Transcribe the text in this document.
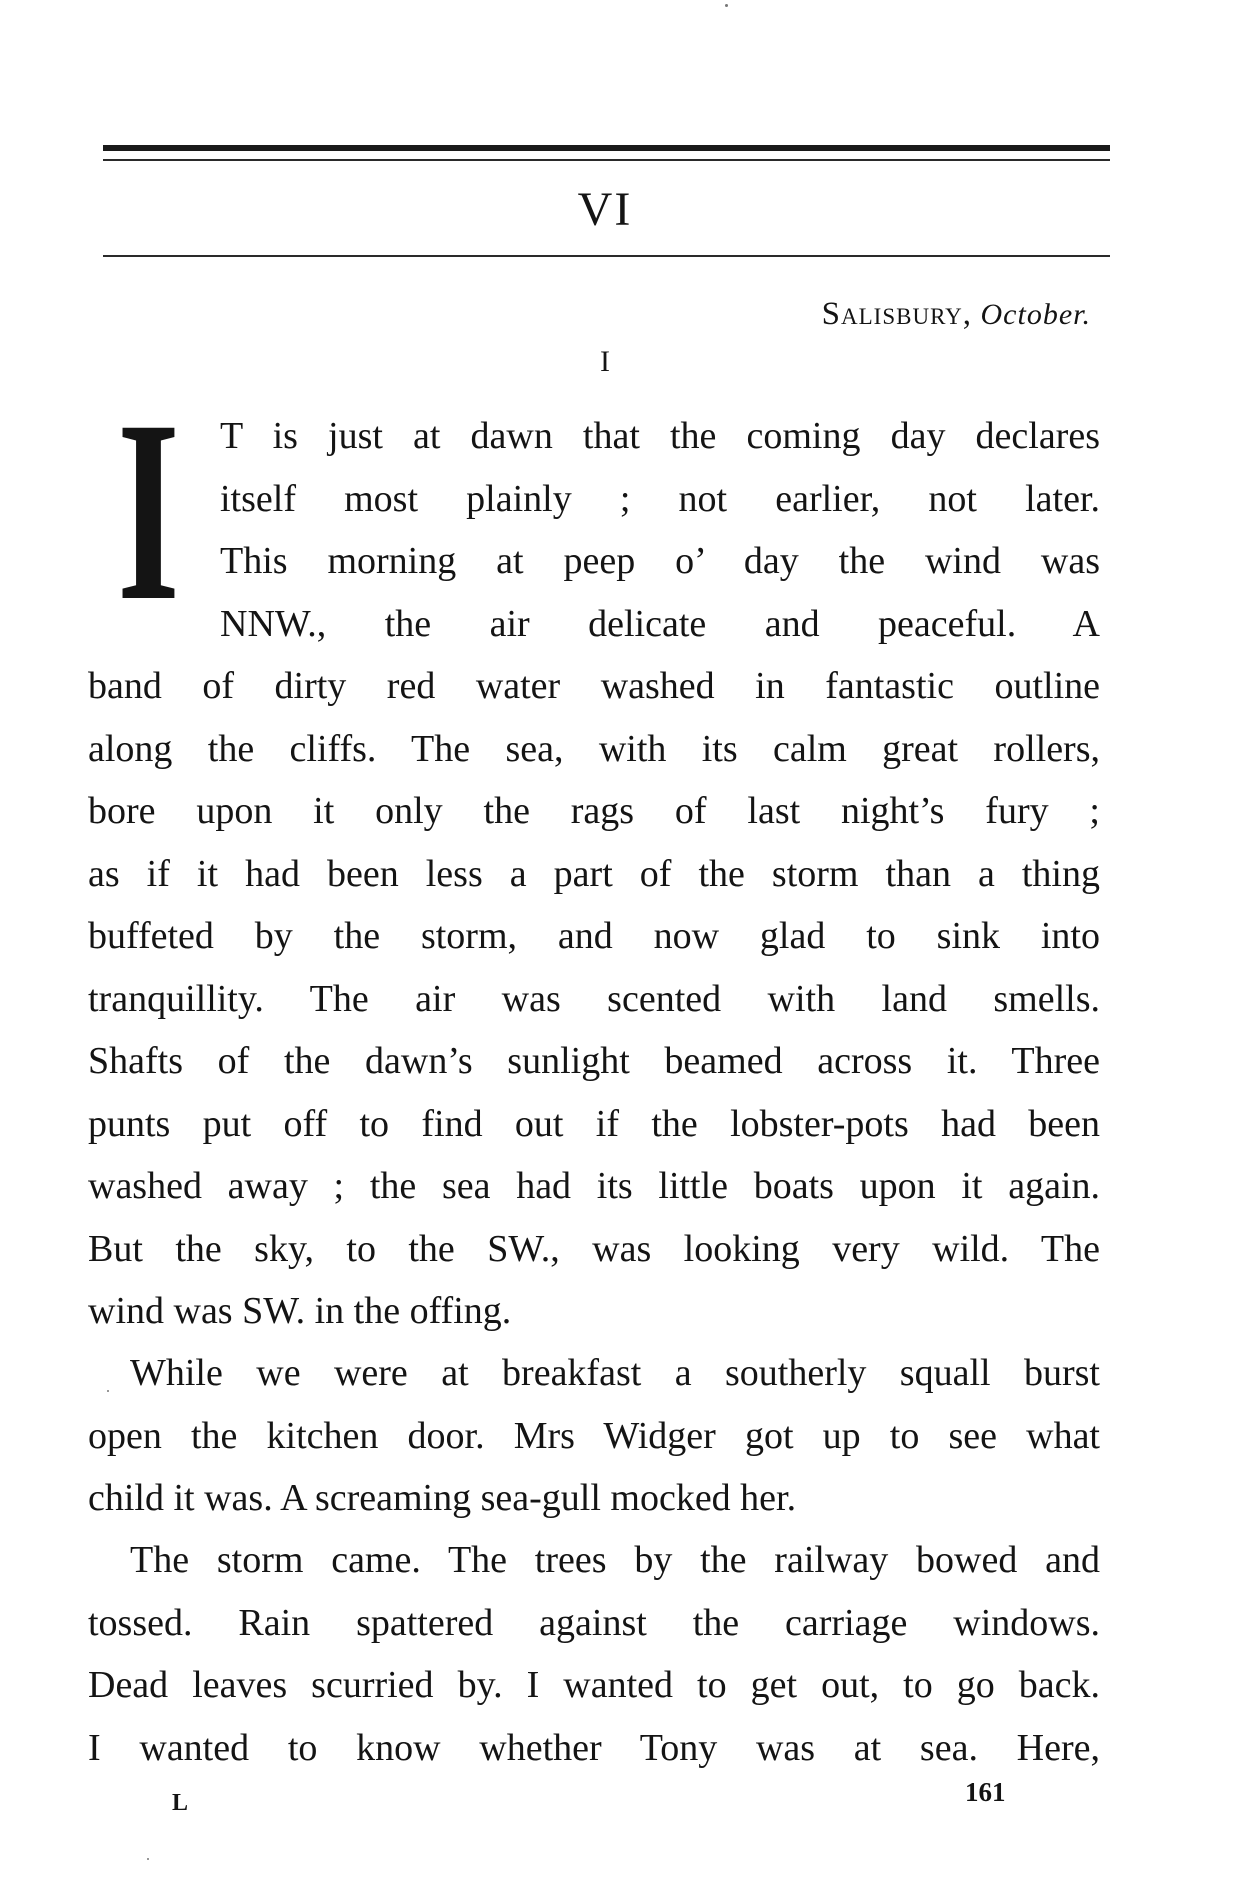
VI
Salisbury, October.
I
I T is just at dawn that the coming day declares
itself most plainly ; not earlier, not later.
This morning at peep o’ day the wind was
NNW., the air delicate and peaceful. A
band of dirty red water washed in fantastic outline
along the cliffs. The sea, with its calm great rollers,
bore upon it only the rags of last night’s fury ;
as if it had been less a part of the storm than a thing
buffeted by the storm, and now glad to sink into
tranquillity. The air was scented with land smells.
Shafts of the dawn’s sunlight beamed across it. Three
punts put off to find out if the lobster-pots had been
washed away ; the sea had its little boats upon it again.
But the sky, to the SW., was looking very wild. The
wind was SW. in the offing.
While we were at breakfast a southerly squall burst
open the kitchen door. Mrs Widger got up to see what
child it was. A screaming sea-gull mocked her.
The storm came. The trees by the railway bowed and
tossed. Rain spattered against the carriage windows.
Dead leaves scurried by. I wanted to get out, to go back.
I wanted to know whether Tony was at sea. Here,
L	161
